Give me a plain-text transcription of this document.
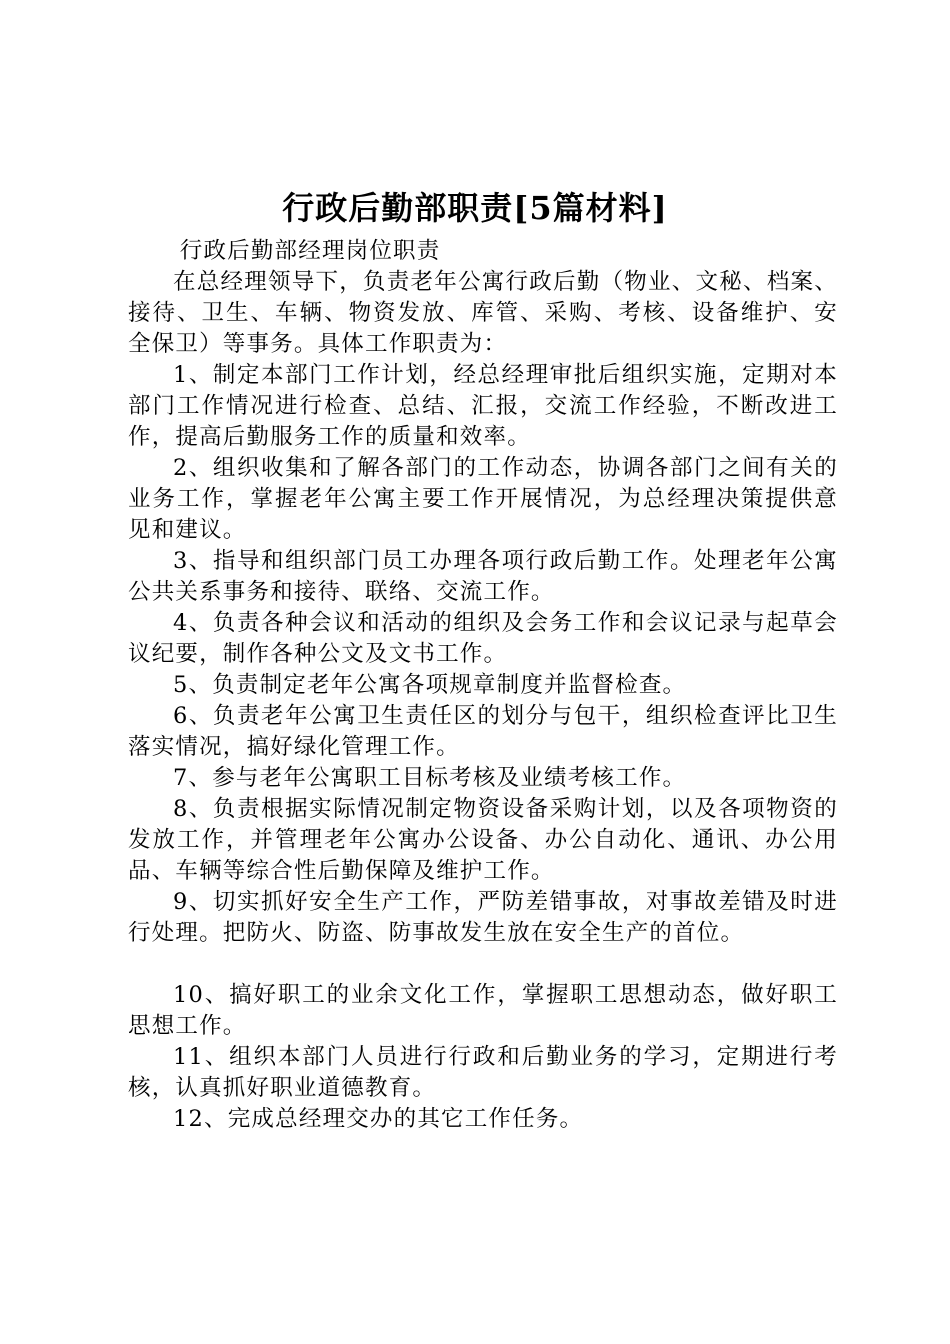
行政后勤部职责[5篇材料]

行政后勤部经理岗位职责

在总经理领导下，负责老年公寓行政后勤（物业、文秘、档案、接待、卫生、车辆、物资发放、库管、采购、考核、设备维护、安全保卫）等事务。具体工作职责为：

1、制定本部门工作计划，经总经理审批后组织实施，定期对本部门工作情况进行检查、总结、汇报，交流工作经验，不断改进工作，提高后勤服务工作的质量和效率。

2、组织收集和了解各部门的工作动态，协调各部门之间有关的业务工作，掌握老年公寓主要工作开展情况，为总经理决策提供意见和建议。

3、指导和组织部门员工办理各项行政后勤工作。处理老年公寓公共关系事务和接待、联络、交流工作。

4、负责各种会议和活动的组织及会务工作和会议记录与起草会议纪要，制作各种公文及文书工作。

5、负责制定老年公寓各项规章制度并监督检查。

6、负责老年公寓卫生责任区的划分与包干，组织检查评比卫生落实情况，搞好绿化管理工作。

7、参与老年公寓职工目标考核及业绩考核工作。

8、负责根据实际情况制定物资设备采购计划，以及各项物资的发放工作，并管理老年公寓办公设备、办公自动化、通讯、办公用品、车辆等综合性后勤保障及维护工作。

9、切实抓好安全生产工作，严防差错事故，对事故差错及时进行处理。把防火、防盗、防事故发生放在安全生产的首位。

10、搞好职工的业余文化工作，掌握职工思想动态，做好职工思想工作。

11、组织本部门人员进行行政和后勤业务的学习，定期进行考核，认真抓好职业道德教育。

12、完成总经理交办的其它工作任务。
